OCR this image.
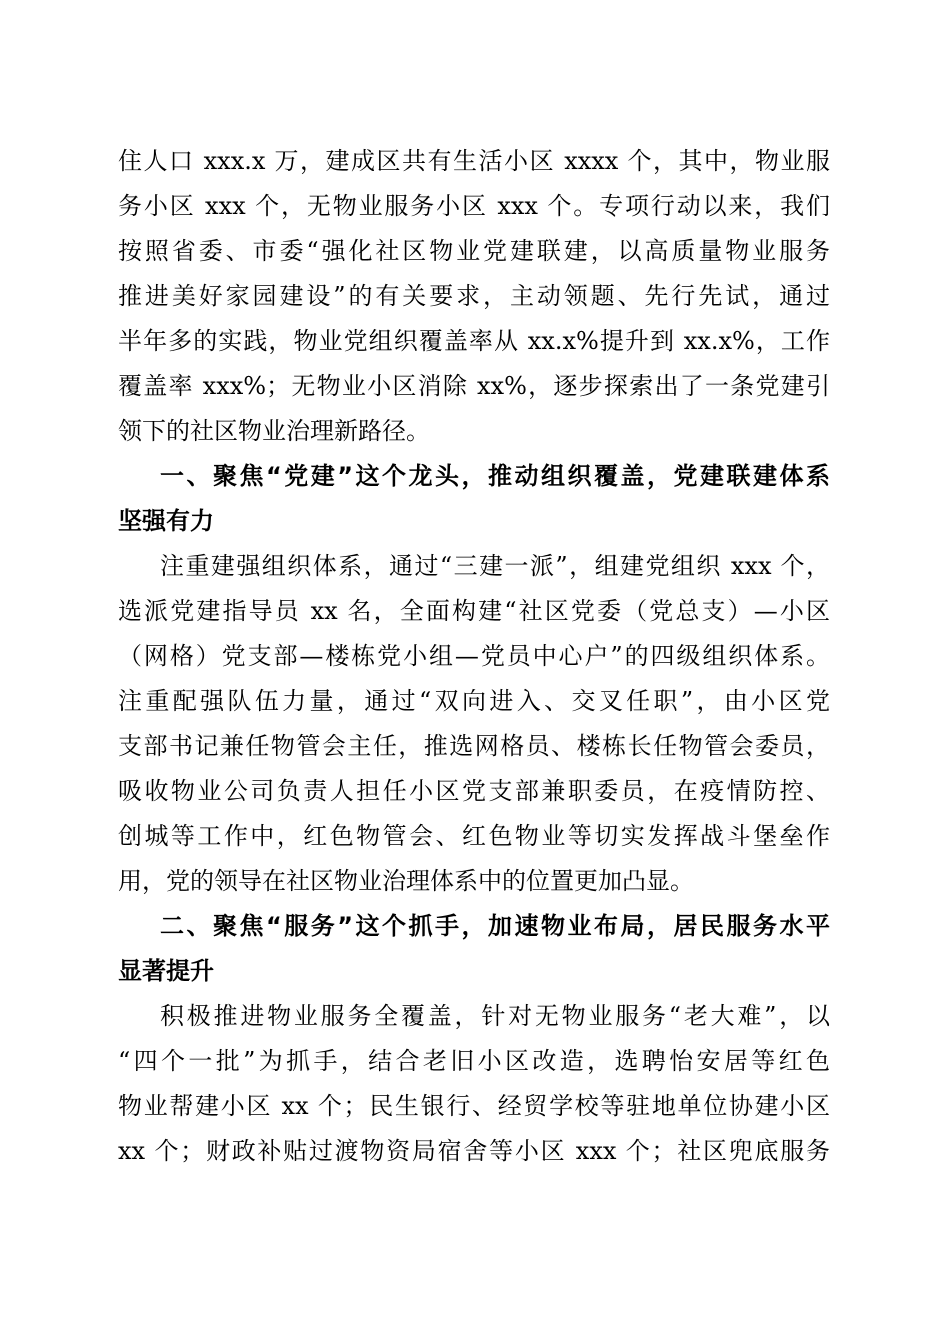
住人口 xxx.x 万，建成区共有生活小区 xxxx 个，其中，物业服
务小区 xxx 个，无物业服务小区 xxx 个。专项行动以来，我们
按照省委、市委“强化社区物业党建联建，以高质量物业服务
推进美好家园建设”的有关要求，主动领题、先行先试，通过
半年多的实践，物业党组织覆盖率从 xx.x%提升到 xx.x%，工作
覆盖率 xxx%；无物业小区消除 xx%，逐步探索出了一条党建引
领下的社区物业治理新路径。
一、聚焦“党建”这个龙头，推动组织覆盖，党建联建体系
坚强有力
注重建强组织体系，通过“三建一派”，组建党组织 xxx 个，
选派党建指导员 xx 名，全面构建“社区党委（党总支）—小区
（网格）党支部—楼栋党小组—党员中心户”的四级组织体系。
注重配强队伍力量，通过“双向进入、交叉任职”，由小区党
支部书记兼任物管会主任，推选网格员、楼栋长任物管会委员，
吸收物业公司负责人担任小区党支部兼职委员，在疫情防控、
创城等工作中，红色物管会、红色物业等切实发挥战斗堡垒作
用，党的领导在社区物业治理体系中的位置更加凸显。
二、聚焦“服务”这个抓手，加速物业布局，居民服务水平
显著提升
积极推进物业服务全覆盖，针对无物业服务“老大难”，以
“四个一批”为抓手，结合老旧小区改造，选聘怡安居等红色
物业帮建小区 xx 个；民生银行、经贸学校等驻地单位协建小区
xx 个；财政补贴过渡物资局宿舍等小区 xxx 个；社区兜底服务
